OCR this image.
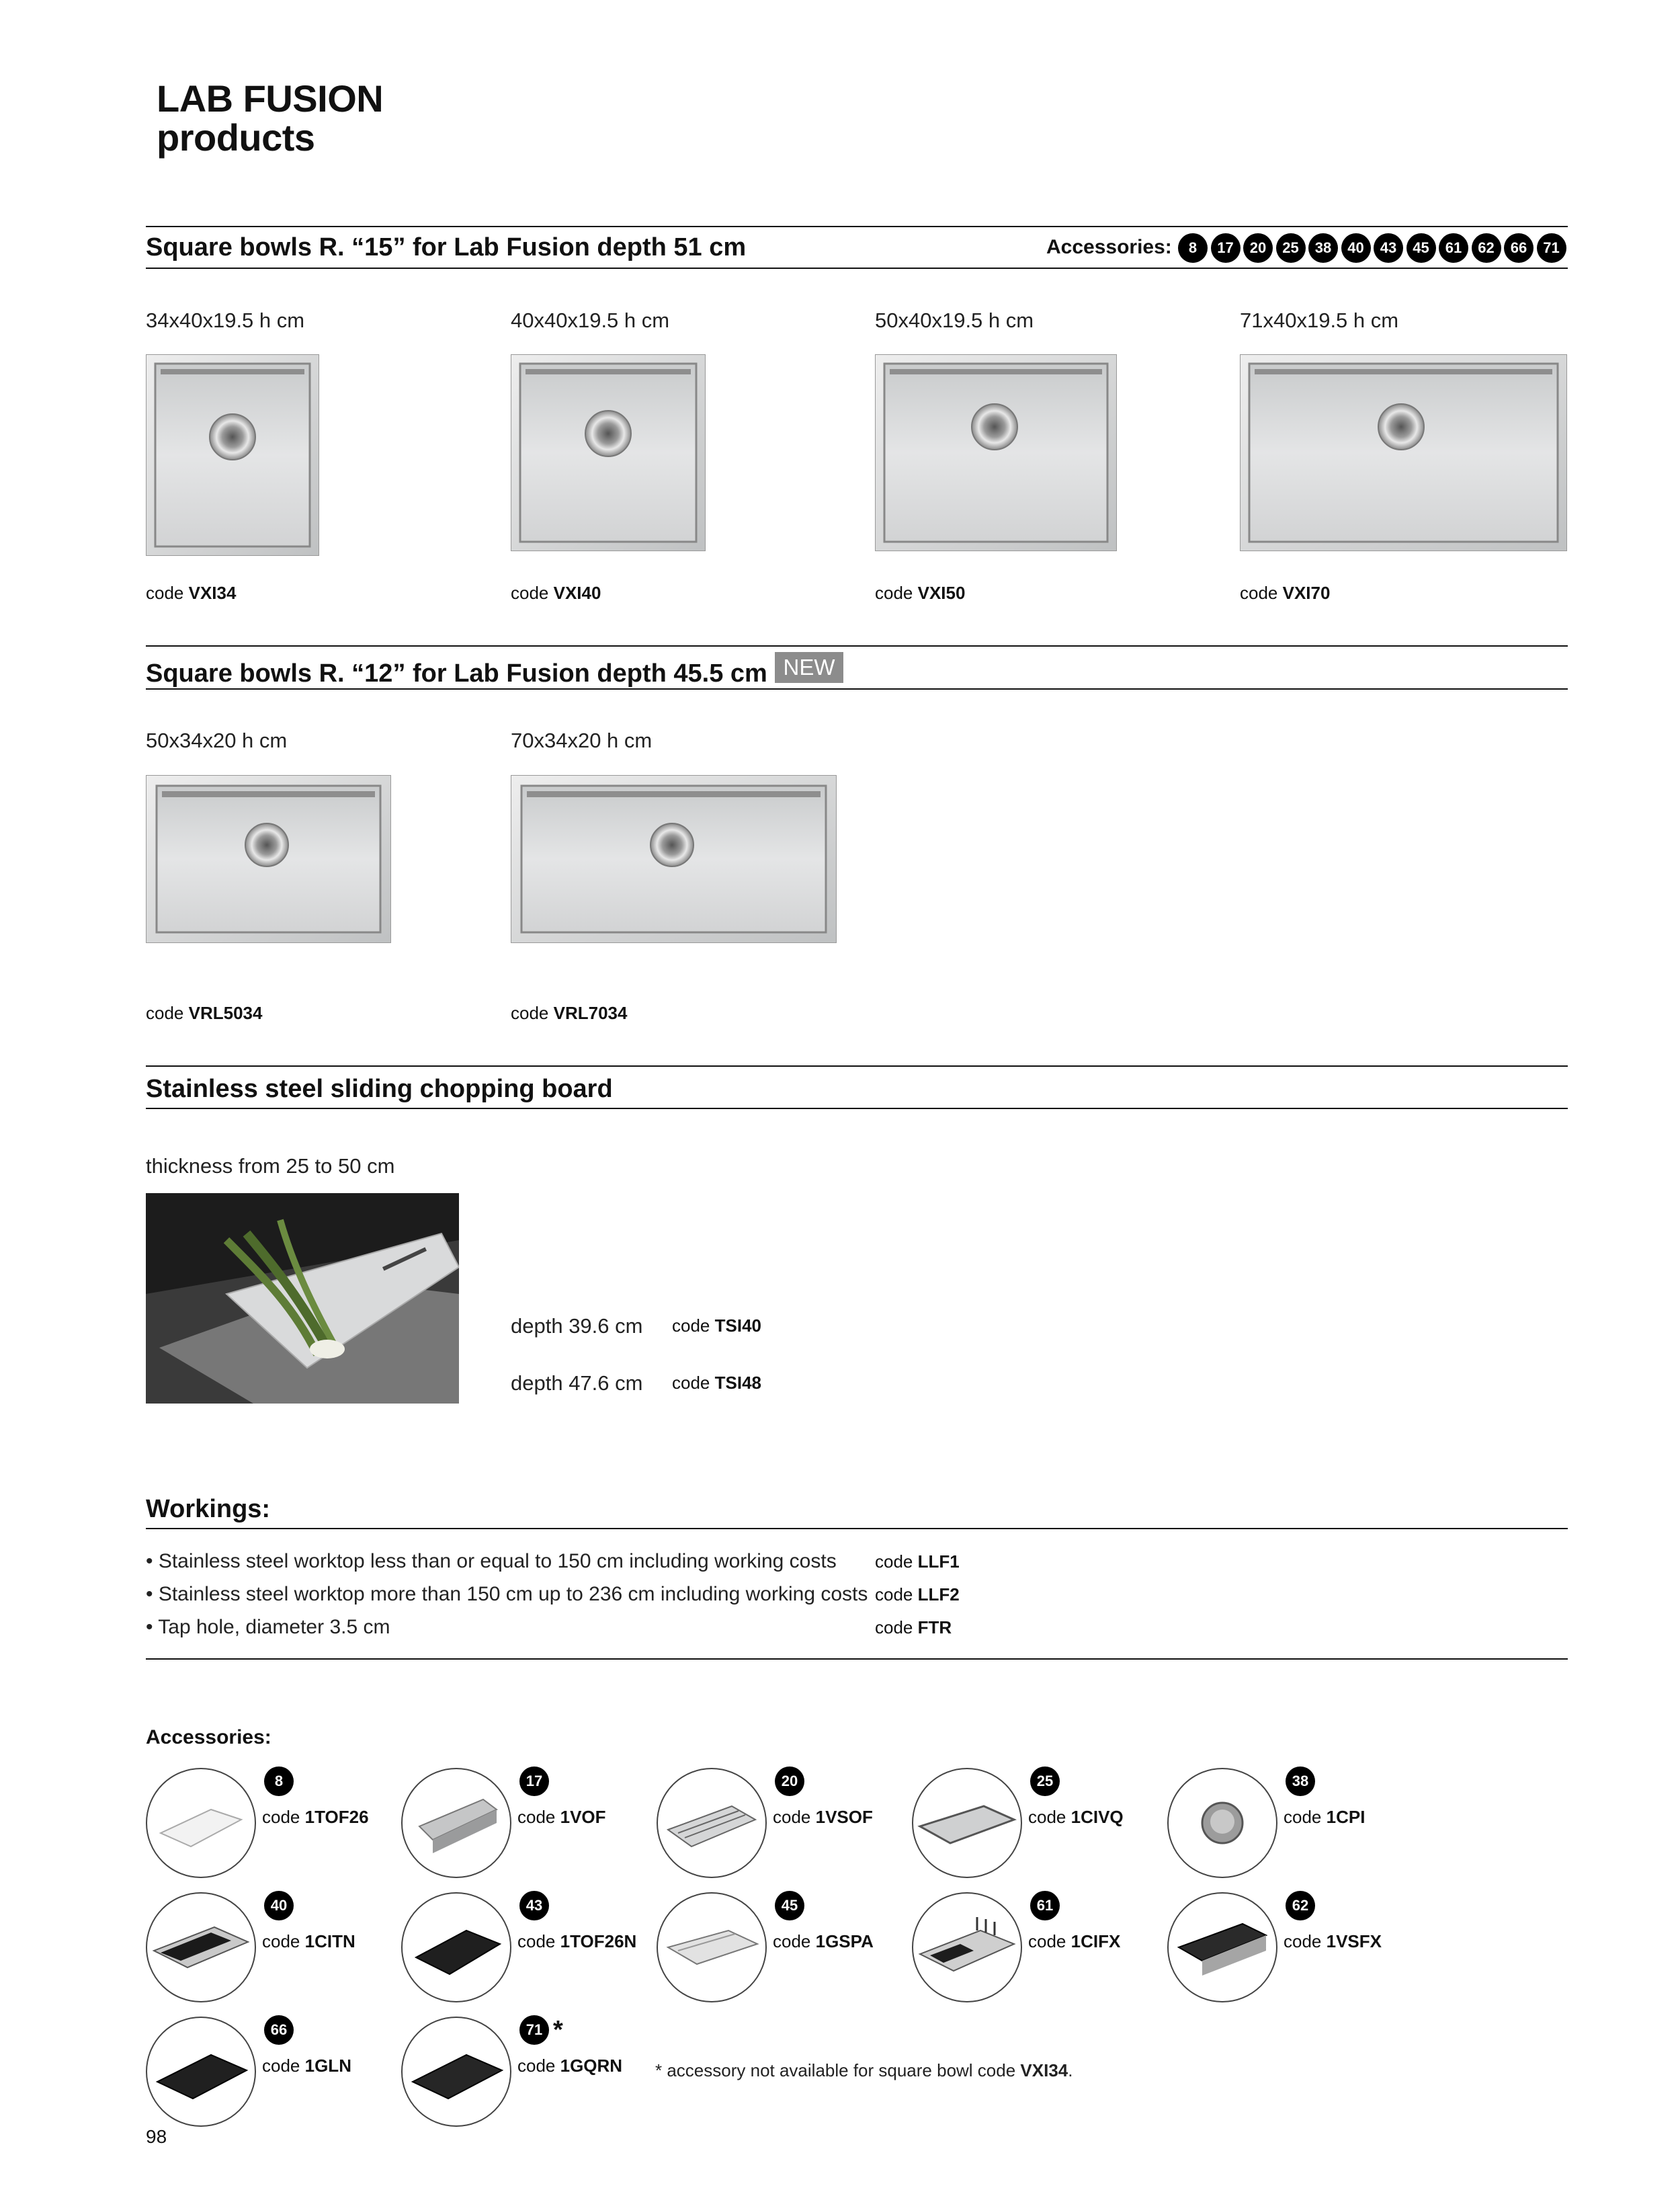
LAB FUSION
products
Square bowls R. “15” for Lab Fusion depth 51 cm	Accessories:	8	17	20	25	38	40	43	45	61	62	66	71
34x40x19.5 h cm	40x40x19.5 h cm	50x40x19.5 h cm	71x40x19.5 h cm
code VXI34	code VXI40	code VXI50	code VXI70
Square bowls R. “12” for Lab Fusion depth 45.5 cm NEW
50x34x20 h cm	70x34x20 h cm
code VRL5034	code VRL7034
Stainless steel sliding chopping board
thickness from 25 to 50 cm
depth 39.6 cm code TSI40
depth 47.6 cm code TSI48
Workings:
• Stainless steel worktop less than or equal to 150 cm including working costs code LLF1
• Stainless steel worktop more than 150 cm up to 236 cm including working costs code LLF2
• Tap hole, diameter 3.5 cm	code FTR
Accessories:
8
code 1TOF26
17
code 1VOF
20
code 1VSOF
25
code 1CIVQ
38
code 1CPI
40
code 1CITN
43
code 1TOF26N
45
code 1GSPA
61
code 1CIFX
62
code 1VSFX
66
code 1GLN
71 *
code 1GQRN * accessory not available for square bowl code VXI34.
98
